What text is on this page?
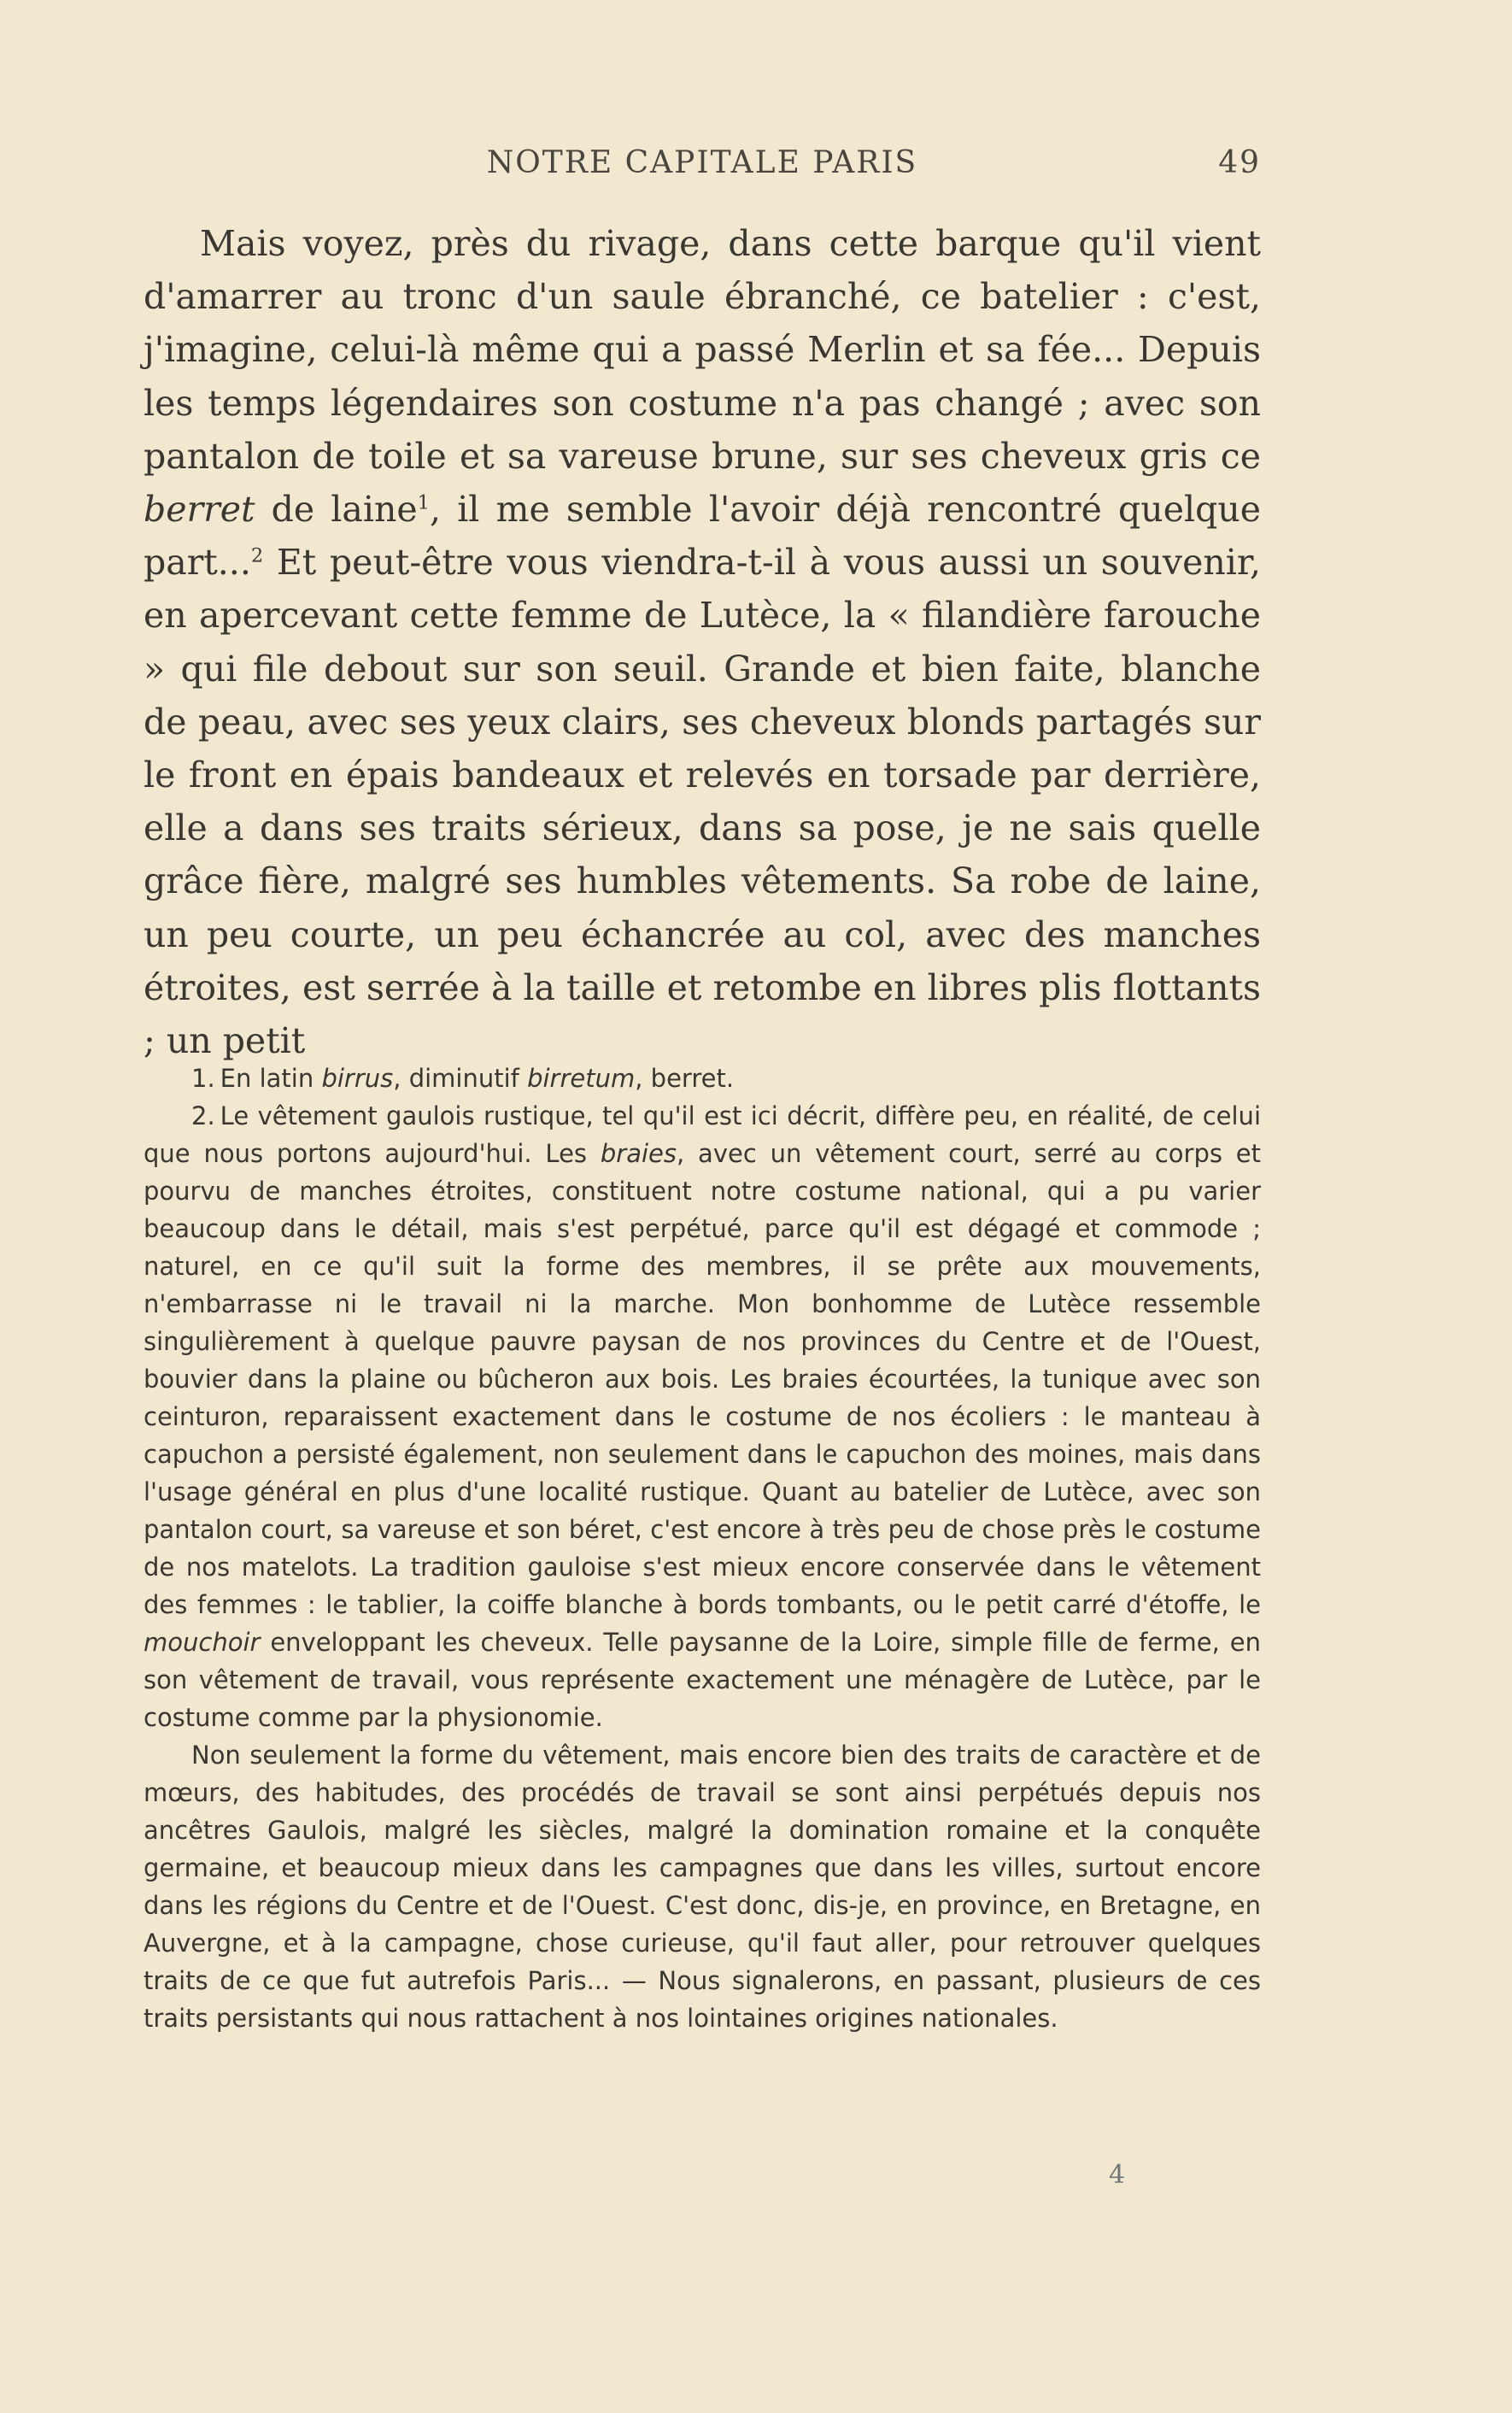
NOTRE CAPITALE PARIS	49

Mais voyez, près du rivage, dans cette barque qu'il vient d'amarrer au tronc d'un saule ébranché, ce batelier : c'est, j'imagine, celui-là même qui a passé Merlin et sa fée... Depuis les temps légendaires son costume n'a pas changé ; avec son pantalon de toile et sa vareuse brune, sur ses cheveux gris ce berret de laine$^1$, il me semble l'avoir déjà rencontré quelque part...$^2$ Et peut-être vous viendra-t-il à vous aussi un souvenir, en apercevant cette femme de Lutèce, la « filandière farouche » qui file debout sur son seuil. Grande et bien faite, blanche de peau, avec ses yeux clairs, ses cheveux blonds partagés sur le front en épais bandeaux et relevés en torsade par derrière, elle a dans ses traits sérieux, dans sa pose, je ne sais quelle grâce fière, malgré ses humbles vêtements. Sa robe de laine, un peu courte, un peu échancrée au col, avec des manches étroites, est serrée à la taille et retombe en libres plis flottants ; un petit

1. En latin birrus, diminutif birretum, berret.

2. Le vêtement gaulois rustique, tel qu'il est ici décrit, diffère peu, en réalité, de celui que nous portons aujourd'hui. Les braies, avec un vêtement court, serré au corps et pourvu de manches étroites, constituent notre costume national, qui a pu varier beaucoup dans le détail, mais s'est perpétué, parce qu'il est dégagé et commode ; naturel, en ce qu'il suit la forme des membres, il se prête aux mouvements, n'embarrasse ni le travail ni la marche. Mon bonhomme de Lutèce ressemble singulièrement à quelque pauvre paysan de nos provinces du Centre et de l'Ouest, bouvier dans la plaine ou bûcheron aux bois. Les braies écourtées, la tunique avec son ceinturon, reparaissent exactement dans le costume de nos écoliers : le manteau à capuchon a persisté également, non seulement dans le capuchon des moines, mais dans l'usage général en plus d'une localité rustique. Quant au batelier de Lutèce, avec son pantalon court, sa vareuse et son béret, c'est encore à très peu de chose près le costume de nos matelots. La tradition gauloise s'est mieux encore conservée dans le vêtement des femmes : le tablier, la coiffe blanche à bords tombants, ou le petit carré d'étoffe, le mouchoir enveloppant les cheveux. Telle paysanne de la Loire, simple fille de ferme, en son vêtement de travail, vous représente exactement une ménagère de Lutèce, par le costume comme par la physionomie.

Non seulement la forme du vêtement, mais encore bien des traits de caractère et de mœurs, des habitudes, des procédés de travail se sont ainsi perpétués depuis nos ancêtres Gaulois, malgré les siècles, malgré la domination romaine et la conquête germaine, et beaucoup mieux dans les campagnes que dans les villes, surtout encore dans les régions du Centre et de l'Ouest. C'est donc, dis-je, en province, en Bretagne, en Auvergne, et à la campagne, chose curieuse, qu'il faut aller, pour retrouver quelques traits de ce que fut autrefois Paris... — Nous signalerons, en passant, plusieurs de ces traits persistants qui nous rattachent à nos lointaines origines nationales.

4
